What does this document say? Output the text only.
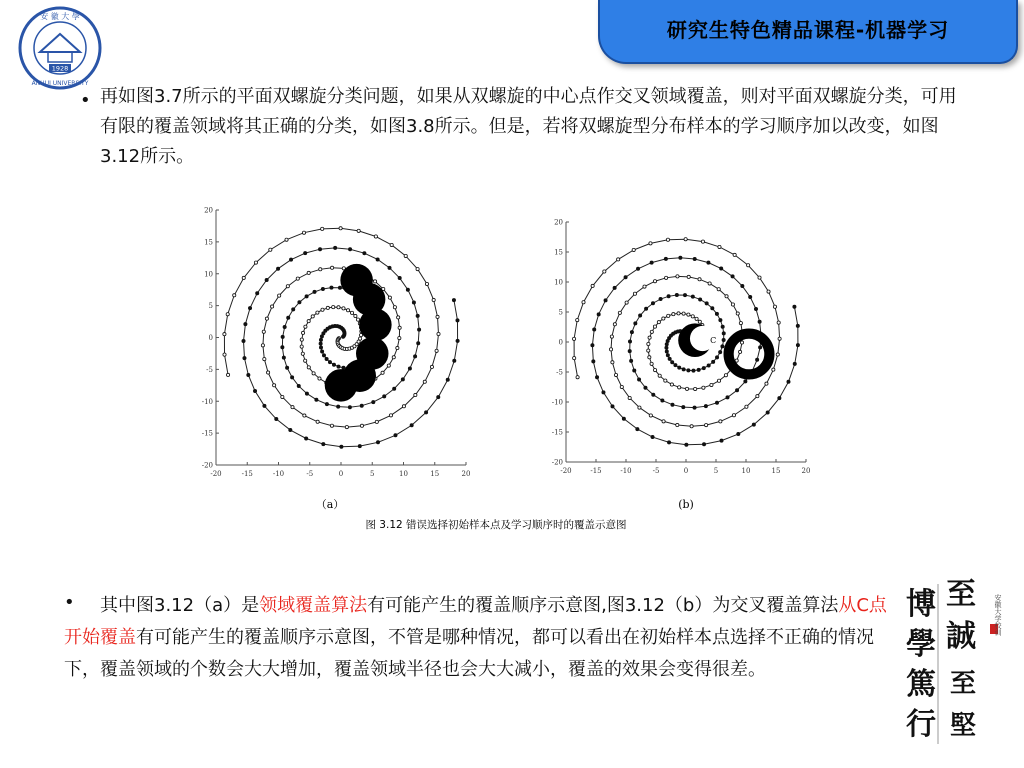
研究生特色精品课程-机器学习
1928
安 徽 大 學
ANHUI UNIVERSITY
• 再如图3.7所示的平面双螺旋分类问题，如果从双螺旋的中心点作交叉领域覆盖，则对平面双螺旋分类，可用有限的覆盖领域将其正确的分类，如图3.8所示。但是，若将双螺旋型分布样本的学习顺序加以改变，如图3.12所示。
-20	-15	-10	-5	0	5	10	15	20
20
15
10
5
0
-5
-10
-15
-20
-20	-15	-10	-5	0	5	10	15	20
20
15
10
5
0
-5
-10
-15
-20
C
（a）	(b)
图 3.12 错误选择初始样本点及学习顺序时的覆盖示意图
•	其中图3.12（a）是领域覆盖算法有可能产生的覆盖顺序示意图,图3.12（b）为交叉覆盖算法从C点开始覆盖有可能产生的覆盖顺序示意图，不管是哪种情况，都可以看出在初始样本点选择不正确的情况下，覆盖领域的个数会大大增加，覆盖领域半径也会大大减小，覆盖的效果会变得很差。
博
學
篤
行
至
誠
至
堅
安徽大学校训
